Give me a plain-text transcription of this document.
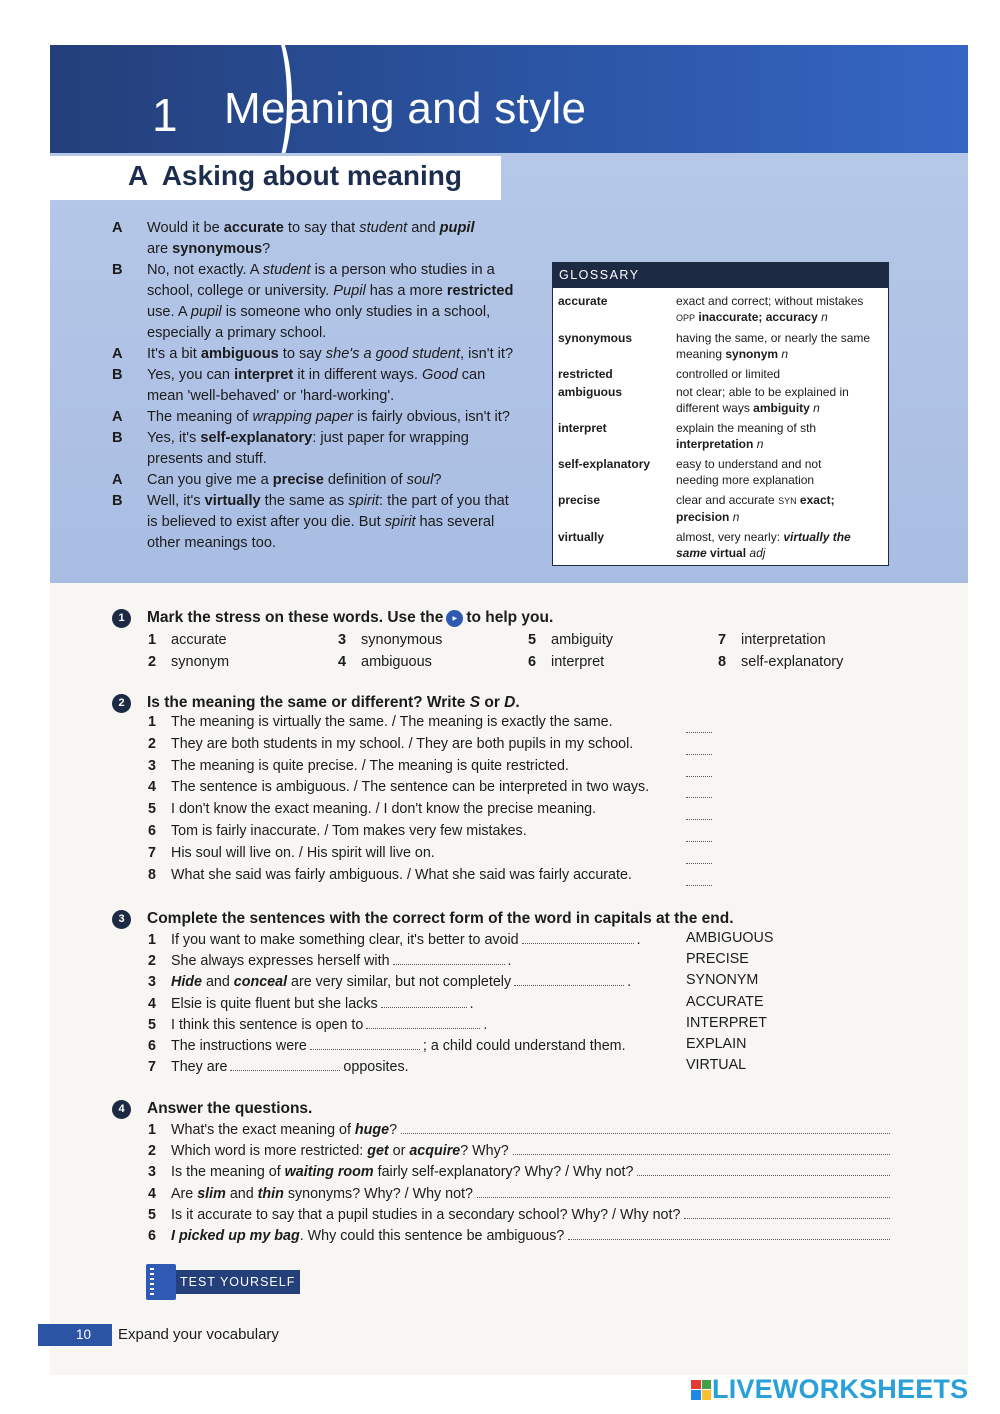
1 Meaning and style
A  Asking about meaning
A	Would it be accurate to say that student and pupil
are synonymous?
B	No, not exactly. A student is a person who studies in a
school, college or university. Pupil has a more restricted
use. A pupil is someone who only studies in a school,
especially a primary school.
A	It's a bit ambiguous to say she's a good student, isn't it?
B	Yes, you can interpret it in different ways. Good can
mean 'well-behaved' or 'hard-working'.
A	The meaning of wrapping paper is fairly obvious, isn't it?
B	Yes, it's self-explanatory: just paper for wrapping
presents and stuff.
A	Can you give me a precise definition of soul?
B	Well, it's virtually the same as spirit: the part of you that
is believed to exist after you die. But spirit has several
other meanings too.
GLOSSARY
accurate	exact and correct; without mistakes
OPP inaccurate; accuracy n
synonymous	having the same, or nearly the same
meaning synonym n
restricted	controlled or limited
ambiguous	not clear; able to be explained in
different ways ambiguity n
interpret	explain the meaning of sth
interpretation n
self-explanatory	easy to understand and not
needing more explanation
precise	clear and accurate SYN exact; precision n
virtually	almost, very nearly: virtually the same virtual adj
1	Mark the stress on these words. Use the	▶ to help you.
1	accurate	3	synonymous	5	ambiguity	7	interpretation
2	synonym	4	ambiguous	6	interpret	8	self-explanatory
2	Is the meaning the same or different? Write S or D.
1	The meaning is virtually the same. / The meaning is exactly the same.
2	They are both students in my school. / They are both pupils in my school.
3	The meaning is quite precise. / The meaning is quite restricted.
4	The sentence is ambiguous. / The sentence can be interpreted in two ways.
5	I don't know the exact meaning. / I don't know the precise meaning.
6	Tom is fairly inaccurate. / Tom makes very few mistakes.
7	His soul will live on. / His spirit will live on.
8	What she said was fairly ambiguous. / What she said was fairly accurate.
3	Complete the sentences with the correct form of the word in capitals at the end.
1	If you want to make something clear, it's better to avoid	.	AMBIGUOUS
2	She always expresses herself with	.	PRECISE
3	Hide and conceal are very similar, but not completely	.	SYNONYM
4	Elsie is quite fluent but she lacks	.	ACCURATE
5	I think this sentence is open to	.	INTERPRET
6	The instructions were	; a child could understand them.	EXPLAIN
7	They are	opposites.	VIRTUAL
4	Answer the questions.
1	What's the exact meaning of huge?
2	Which word is more restricted: get or acquire? Why?
3	Is the meaning of waiting room fairly self-explanatory? Why? / Why not?
4	Are slim and thin synonyms? Why? / Why not?
5	Is it accurate to say that a pupil studies in a secondary school? Why? / Why not?
6	I picked up my bag. Why could this sentence be ambiguous?
TEST YOURSELF
10 Expand your vocabulary
LIVEWORKSHEETS
